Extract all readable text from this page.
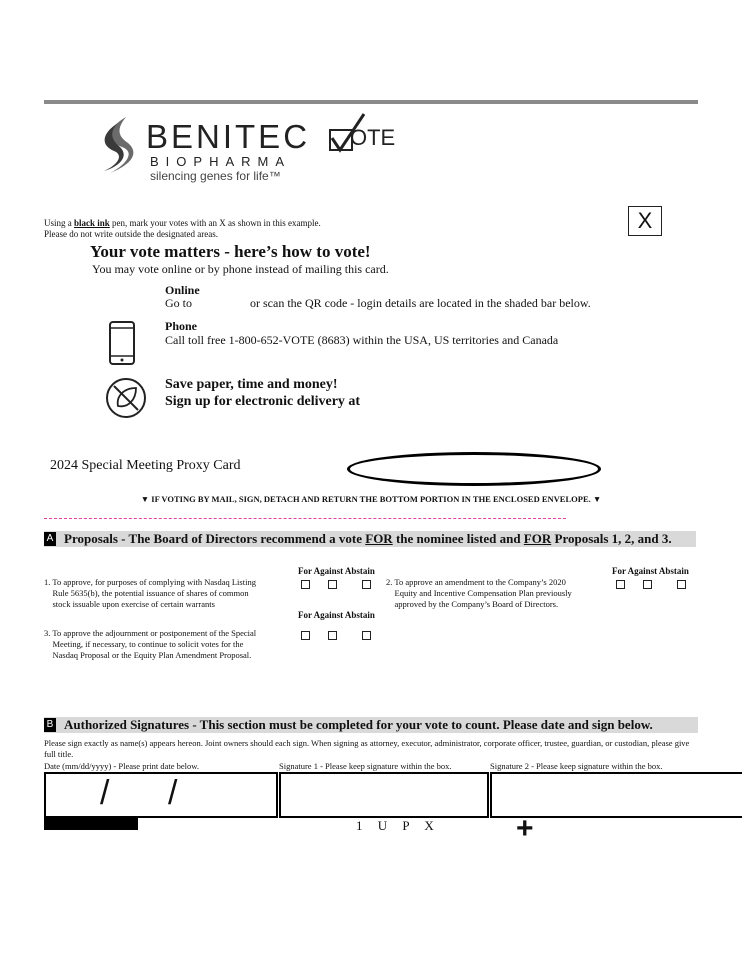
BENITEC
BIOPHARMA
silencing genes for life™
OTE
Using a black ink pen, mark your votes with an X as shown in this example.
Please do not write outside the designated areas.
X
Your vote matters - here’s how to vote!
You may vote online or by phone instead of mailing this card.
Online
Go to	or scan the QR code - login details are located in the shaded bar below.
Phone
Call toll free 1-800-652-VOTE (8683) within the USA, US territories and Canada
Save paper, time and money!
Sign up for electronic delivery at
2024 Special Meeting Proxy Card
▼ IF VOTING BY MAIL, SIGN, DETACH AND RETURN THE BOTTOM PORTION IN THE ENCLOSED ENVELOPE. ▼
A Proposals - The Board of Directors recommend a vote FOR the nominee listed and FOR Proposals 1, 2, and 3.
For Against Abstain	For Against Abstain
For Against Abstain
1. To approve, for purposes of complying with Nasdaq Listing
Rule 5635(b), the potential issuance of shares of common
stock issuable upon exercise of certain warrants
2. To approve an amendment to the Company’s 2020
Equity and Incentive Compensation Plan previously
approved by the Company’s Board of Directors.
3. To approve the adjournment or postponement of the Special
Meeting, if necessary, to continue to solicit votes for the
Nasdaq Proposal or the Equity Plan Amendment Proposal.
B Authorized Signatures - This section must be completed for your vote to count. Please date and sign below.
Please sign exactly as name(s) appears hereon. Joint owners should each sign. When signing as attorney, executor, administrator, corporate officer, trustee, guardian, or custodian, please give full title.
Date (mm/dd/yyyy) - Please print date below.	Signature 1 - Please keep signature within the box.	Signature 2 - Please keep signature within the box.
/ /
1 U P X	+
